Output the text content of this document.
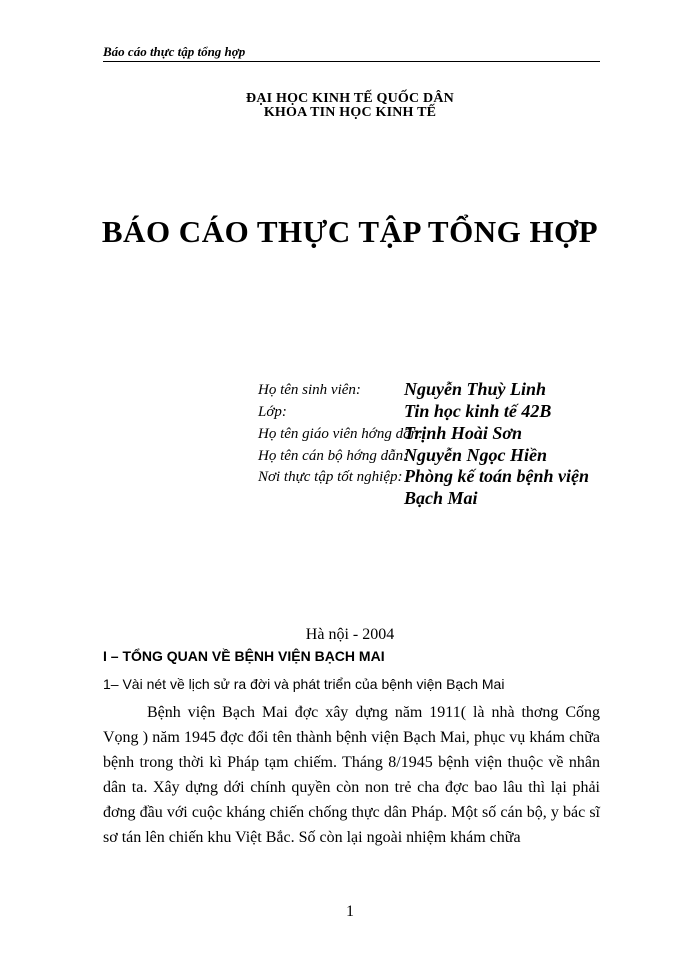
Báo cáo thực tập tổng hợp
ĐẠI HỌC KINH TẾ QUỐC DÂN
KHOA TIN HỌC KINH TẾ
BÁO CÁO THỰC TẬP TỔNG HỢP
Họ tên sinh viên: Nguyễn Thuỳ Linh
Lớp:	Tin học kinh tế 42B
Họ tên giáo viên hớng dẫn:
Trịnh Hoài Sơn
Họ tên cán bộ hớng dẫn:
Nguyễn Ngọc Hiền
Nơi thực tập tốt nghiệp: Phòng kế toán bệnh viện
Bạch Mai
Hà nội - 2004
I – TỔNG QUAN VỀ BỆNH VIỆN BẠCH MAI
1– Vài nét về lịch sử ra đời và phát triển của bệnh viện Bạch Mai

Bệnh viện Bạch Mai đợc xây dựng năm 1911( là nhà thơng Cống Vọng ) năm 1945 đợc đổi tên thành bệnh viện Bạch Mai, phục vụ khám chữa bệnh trong thời kì Pháp tạm chiếm. Tháng 8/1945 bệnh viện thuộc về nhân dân ta. Xây dựng dới chính quyền còn non trẻ cha đợc bao lâu thì lại phải đơng đầu với cuộc kháng chiến chống thực dân Pháp. Một số cán bộ, y bác sĩ sơ tán lên chiến khu Việt Bắc. Số còn lại ngoài nhiệm khám chữa

1
